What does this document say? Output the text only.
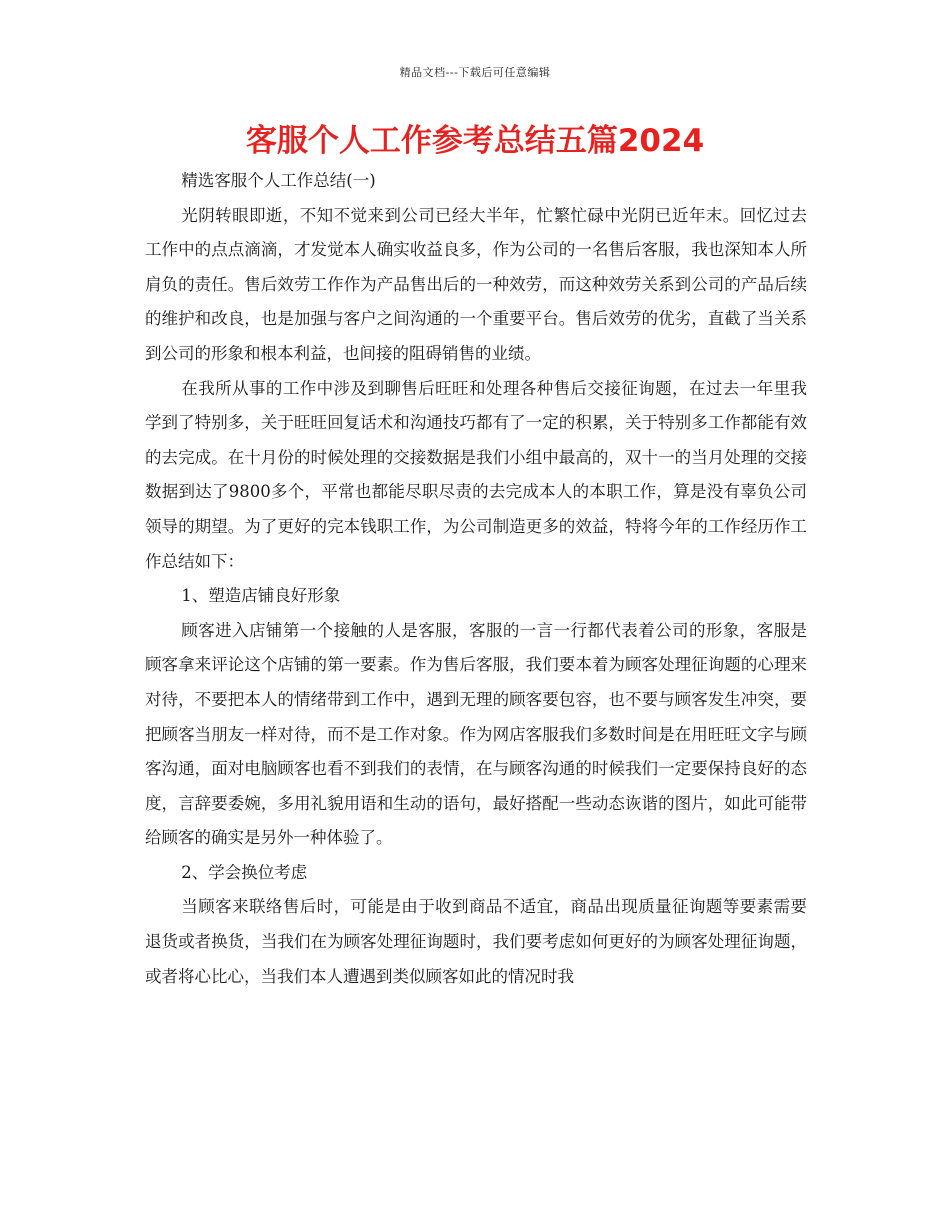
精品文档---下载后可任意编辑
客服个人工作参考总结五篇2024

精选客服个人工作总结(一)

光阴转眼即逝，不知不觉来到公司已经大半年，忙繁忙碌中光阴已近年末。回忆过去工作中的点点滴滴，才发觉本人确实收益良多，作为公司的一名售后客服，我也深知本人所肩负的责任。售后效劳工作作为产品售出后的一种效劳，而这种效劳关系到公司的产品后续的维护和改良，也是加强与客户之间沟通的一个重要平台。售后效劳的优劣，直截了当关系到公司的形象和根本利益，也间接的阻碍销售的业绩。

在我所从事的工作中涉及到聊售后旺旺和处理各种售后交接征询题，在过去一年里我学到了特别多，关于旺旺回复话术和沟通技巧都有了一定的积累，关于特别多工作都能有效的去完成。在十月份的时候处理的交接数据是我们小组中最高的，双十一的当月处理的交接数据到达了9800多个，平常也都能尽职尽责的去完成本人的本职工作，算是没有辜负公司领导的期望。为了更好的完本钱职工作，为公司制造更多的效益，特将今年的工作经历作工作总结如下：

1、塑造店铺良好形象

顾客进入店铺第一个接触的人是客服，客服的一言一行都代表着公司的形象，客服是顾客拿来评论这个店铺的第一要素。作为售后客服，我们要本着为顾客处理征询题的心理来对待，不要把本人的情绪带到工作中，遇到无理的顾客要包容，也不要与顾客发生冲突，要把顾客当朋友一样对待，而不是工作对象。作为网店客服我们多数时间是在用旺旺文字与顾客沟通，面对电脑顾客也看不到我们的表情，在与顾客沟通的时候我们一定要保持良好的态度，言辞要委婉，多用礼貌用语和生动的语句，最好搭配一些动态诙谐的图片，如此可能带给顾客的确实是另外一种体验了。

2、学会换位考虑

当顾客来联络售后时，可能是由于收到商品不适宜，商品出现质量征询题等要素需要退货或者换货，当我们在为顾客处理征询题时，我们要考虑如何更好的为顾客处理征询题，或者将心比心，当我们本人遭遇到类似顾客如此的情况时我
